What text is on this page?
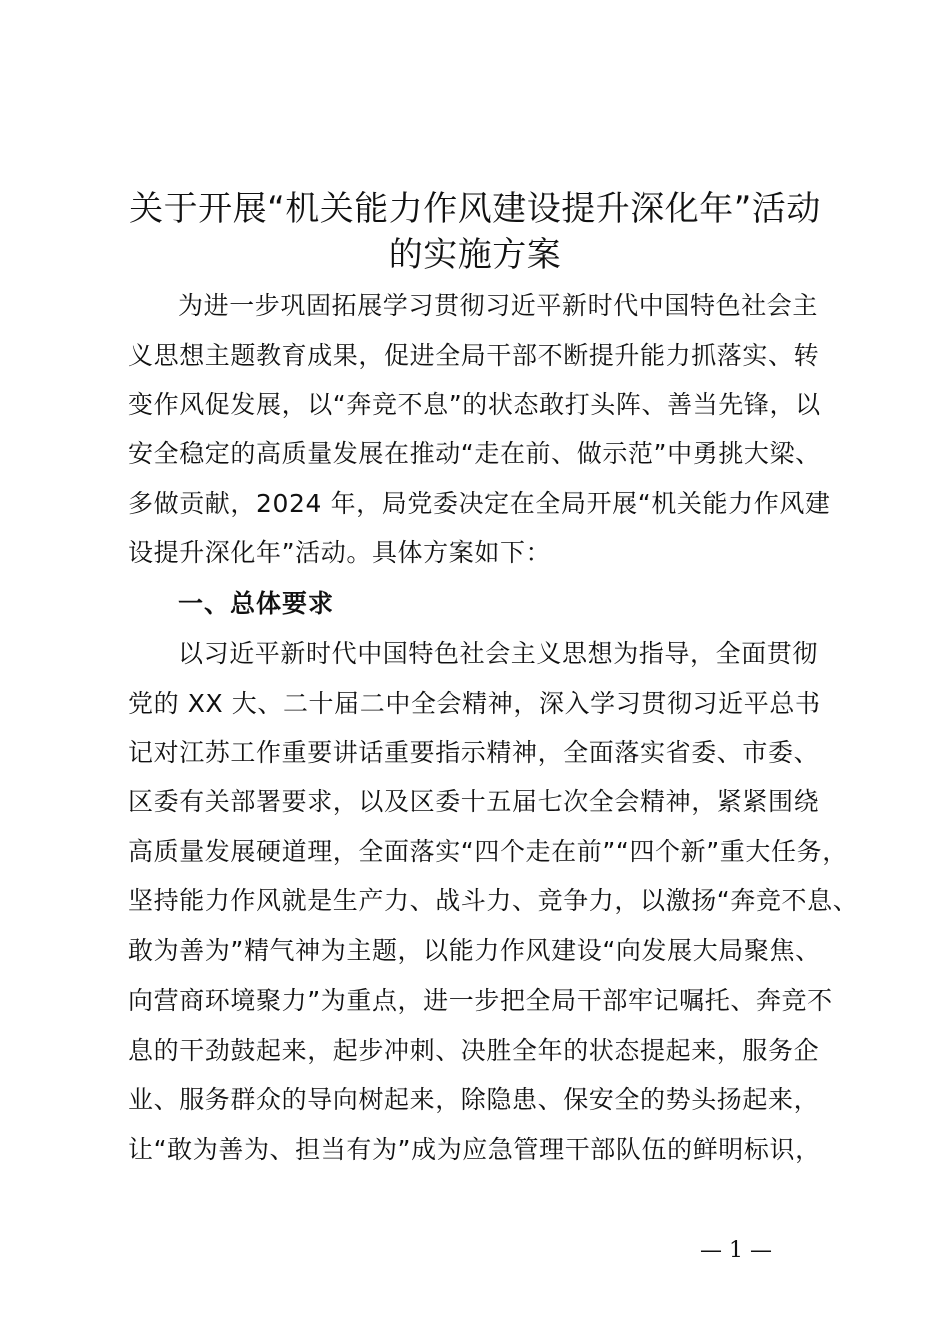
关于开展“机关能力作风建设提升深化年”活动
的实施方案
为进一步巩固拓展学习贯彻习近平新时代中国特色社会主
义思想主题教育成果，促进全局干部不断提升能力抓落实、转
变作风促发展，以“奔竞不息”的状态敢打头阵、善当先锋，以
安全稳定的高质量发展在推动“走在前、做示范”中勇挑大梁、
多做贡献，2024 年，局党委决定在全局开展“机关能力作风建
设提升深化年”活动。具体方案如下：
一、总体要求
以习近平新时代中国特色社会主义思想为指导，全面贯彻
党的 XX 大、二十届二中全会精神，深入学习贯彻习近平总书
记对江苏工作重要讲话重要指示精神，全面落实省委、市委、
区委有关部署要求，以及区委十五届七次全会精神，紧紧围绕
高质量发展硬道理，全面落实“四个走在前”“四个新”重大任务，
坚持能力作风就是生产力、战斗力、竞争力，以激扬“奔竞不息、
敢为善为”精气神为主题，以能力作风建设“向发展大局聚焦、
向营商环境聚力”为重点，进一步把全局干部牢记嘱托、奔竞不
息的干劲鼓起来，起步冲刺、决胜全年的状态提起来，服务企
业、服务群众的导向树起来，除隐患、保安全的势头扬起来，
让“敢为善为、担当有为”成为应急管理干部队伍的鲜明标识，
— 1 —
